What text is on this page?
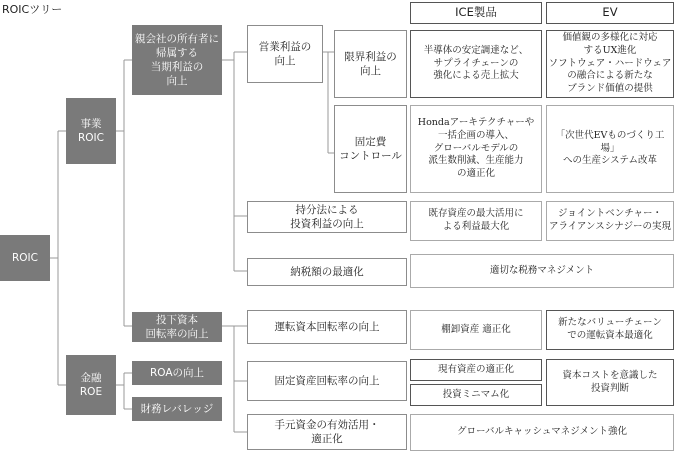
ROICツリー	ICE製品	EV
ROIC
事業
ROIC
金融
ROE
親会社の所有者に
帰属する
当期利益の
向上
投下資本
回転率の向上
ROAの向上
財務レバレッジ
営業利益の
向上
持分法による
投資利益の向上
納税額の最適化
運転資本回転率の向上
固定資産回転率の向上
手元資金の有効活用・
適正化
限界利益の
向上
固定費
コントロール
半導体の安定調達など、
サプライチェーンの
強化による売上拡大
価値観の多様化に対応
するUX進化
ソフトウェア・ハードウェア
の融合による新たな
ブランド価値の提供
Hondaアーキテクチャーや
一括企画の導入、
グローバルモデルの
派生数削減、生産能力
の適正化
「次世代EVものづくり工場」
への生産システム改革
既存資産の最大活用に
よる利益最大化
ジョイントベンチャー・
アライアンスシナジーの実現
適切な税務マネジメント
棚卸資産 適正化
新たなバリューチェーン
での運転資本最適化
現有資産の適正化
投資ミニマム化
資本コストを意識した
投資判断
グローバルキャッシュマネジメント強化
